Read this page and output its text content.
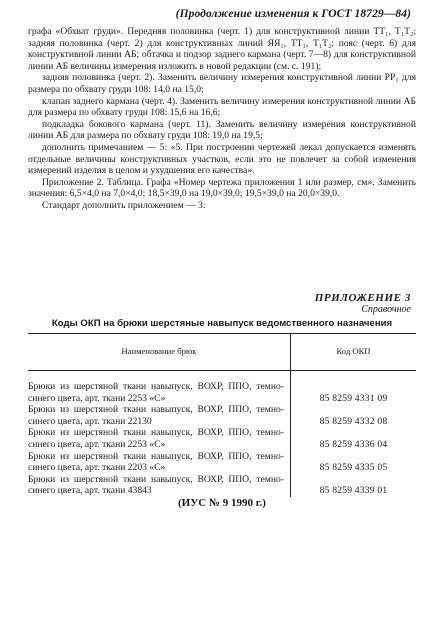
(Продолжение изменения к ГОСТ 18729—84)

графа «Обхват груди». Передняя половинка (черт. 1) для конструктивной линии ТТ₁, Т₁Т₂; задняя половинка (черт. 2) для конструктивных линий ЯЯ₁, ТТ₁, Т₁Т₂; пояс (черт. 6) для конструктивной линии АБ; обтачка и подзор заднего кармана (черт. 7—8) для конструктивной линии АБ величины измерения изложить в новой редакции (см. с. 191);

задняя половинка (черт. 2). Заменить величину измерения конструктивной линии РР₁ для размера по обхвату груди 108: 14,0 на 15,0;

клапан заднего кармана (черт. 4). Заменить величину измерения конструктивной линии АБ для размера по обхвату груди 108: 15,6 на 16,6;

подкладка бокового кармана (черт. 11). Заменить величину измерения конструктивной линии АБ для размера по обхвату груди 108: 19,0 на 19,5;

дополнить примечанием — 5: «5. При построении чертежей лекал допускается изменять отдельные величины конструктивных участков, если это не повлечет за собой изменения измерений изделия в целом и ухудшения его качества».

Приложение 2. Таблица. Графа «Номер чертежа приложения 1 или размер, см». Заменить значения: 6,5×4,0 на 7,0×4,0; 18,5×39,0 на 19,0×39,0; 19,5×39,0 на 20,0×39,0.

Стандарт дополнить приложением — 3:

ПРИЛОЖЕНИЕ 3
Справочное
Коды ОКП на брюки шерстяные навыпуск ведомственного назначения
Наименование брюк	Код ОКП
Брюки из шерстяной ткани навыпуск, ВОХР, ППО, темно-синего цвета, арт. ткани 2253 «С»	85 8259 4331 09
Брюки из шерстяной ткани навыпуск, ВОХР, ППО, темно-синего цвета, арт. ткани 22130	85 8259 4332 08
Брюки из шерстяной ткани навыпуск, ВОХР, ППО, темно-синего цвета, арт. ткани 2253 «С»	85 8259 4336 04
Брюки из шерстяной ткани навыпуск, ВОХР, ППО, темно-синего цвета, арт. ткани 2203 «С»	85 8259 4335 05
Брюки из шерстяной ткани навыпуск, ВОХР, ППО, темно-синего цвета, арт. ткани 43843	85 8259 4339 01
(ИУС № 9 1990 г.)
